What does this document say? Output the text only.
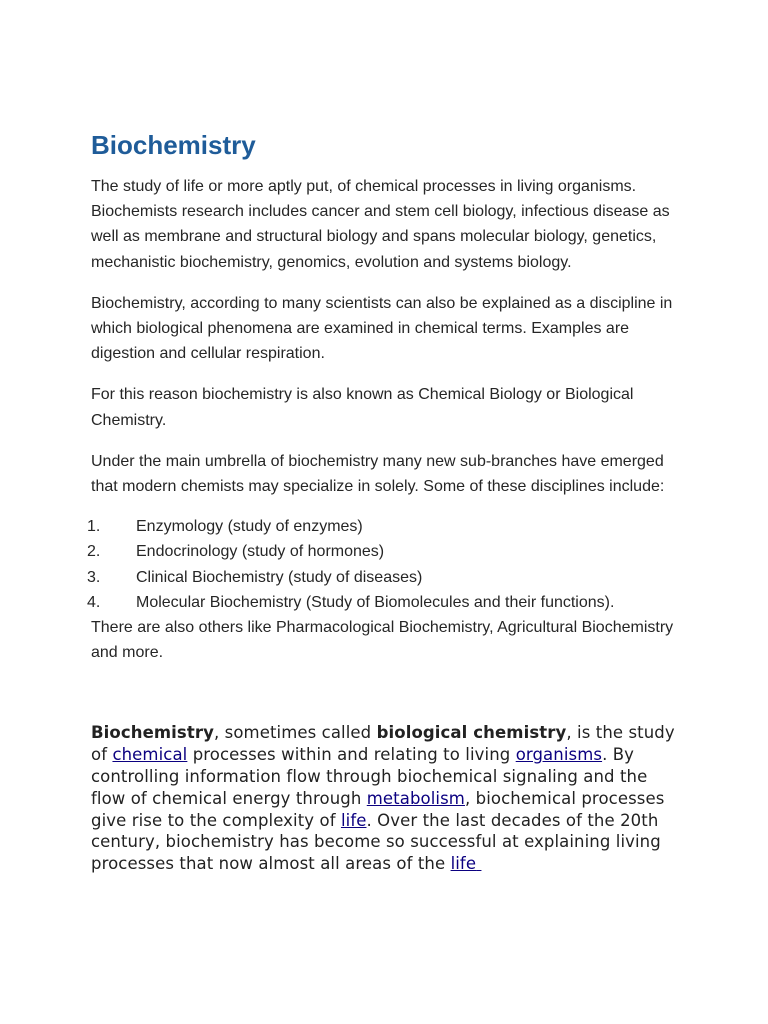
Biochemistry

The study of life or more aptly put, of chemical processes in living organisms. Biochemists research includes cancer and stem cell biology, infectious disease as well as membrane and structural biology and spans molecular biology, genetics, mechanistic biochemistry, genomics, evolution and systems biology.

Biochemistry, according to many scientists can also be explained as a discipline in which biological phenomena are examined in chemical terms. Examples are digestion and cellular respiration.

For this reason biochemistry is also known as Chemical Biology or Biological Chemistry.

Under the main umbrella of biochemistry many new sub-branches have emerged that modern chemists may specialize in solely. Some of these disciplines include:

1. Enzymology (study of enzymes)
2. Endocrinology (study of hormones)
3. Clinical Biochemistry (study of diseases)
4. Molecular Biochemistry (Study of Biomolecules and their functions).

There are also others like Pharmacological Biochemistry, Agricultural Biochemistry and more.

Biochemistry, sometimes called biological chemistry, is the study of chemical processes within and relating to living organisms. By controlling information flow through biochemical signaling and the flow of chemical energy through metabolism, biochemical processes give rise to the complexity of life. Over the last decades of the 20th century, biochemistry has become so successful at explaining living processes that now almost all areas of the life
